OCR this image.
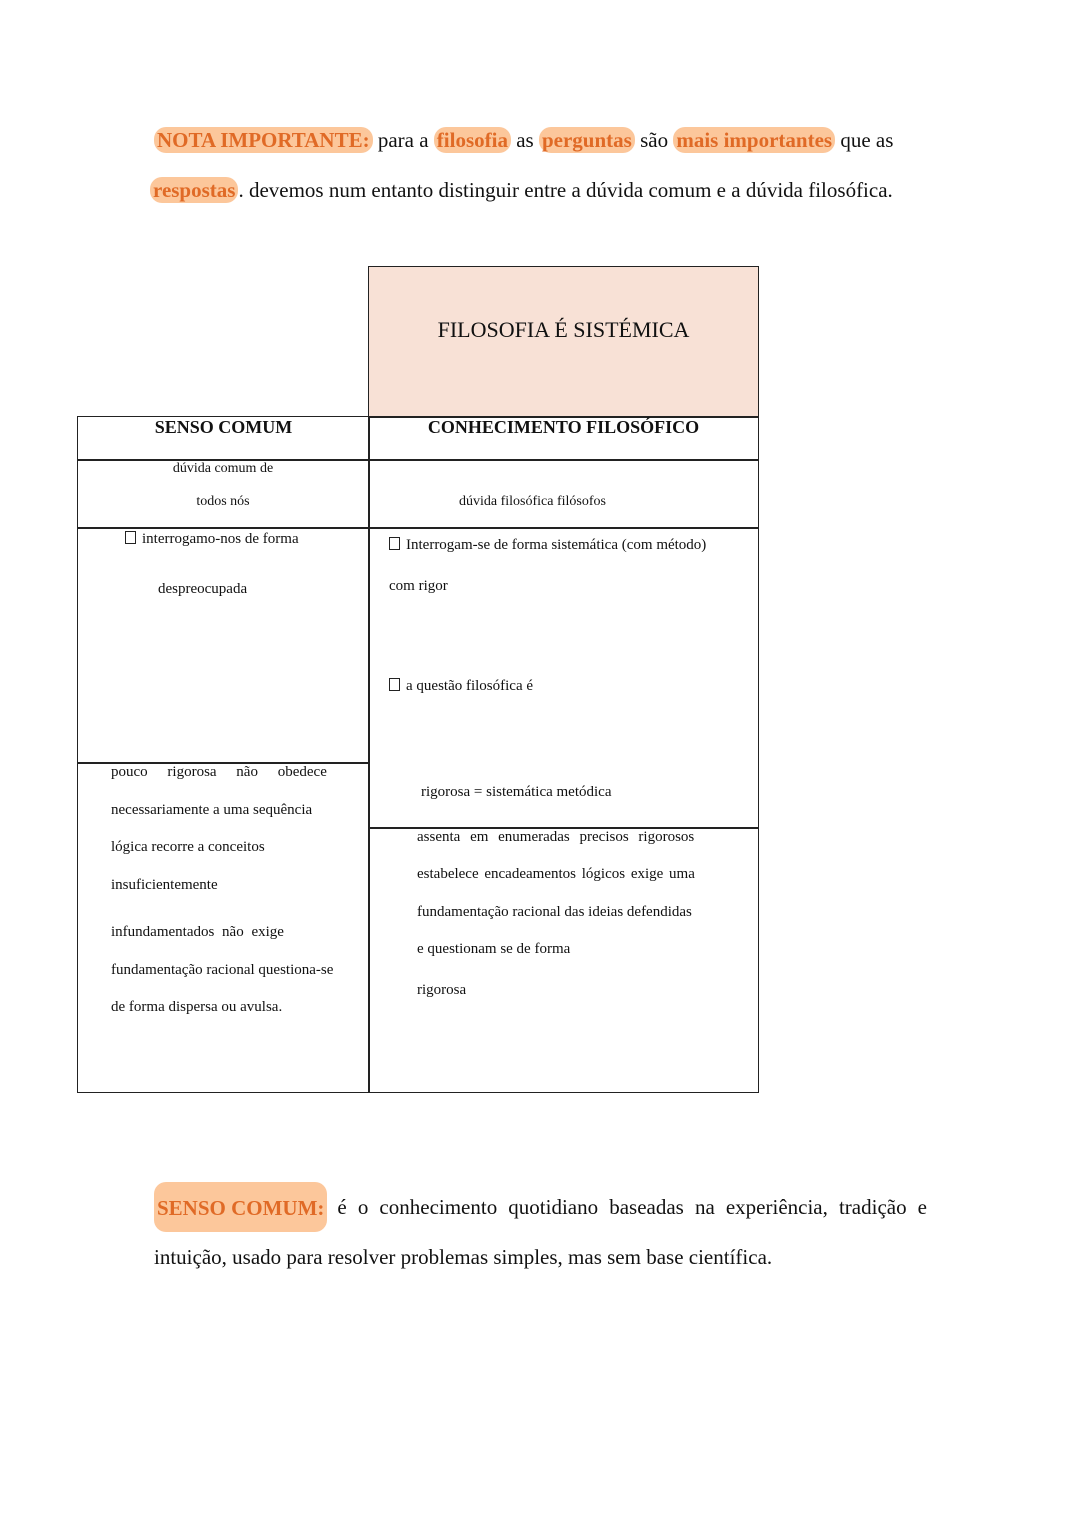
NOTA IMPORTANTE: para a filosofia as perguntas são mais importantes que as
respostas . devemos num entanto distinguir entre a dúvida comum e a dúvida filosófica.
FILOSOFIA É SISTÉMICA
SENSO COMUM	CONHECIMENTO FILOSÓFICO
dúvida comum de
todos nós	dúvida filosófica filósofos
interrogamo-nos de forma
despreocupada
pouco rigorosa não obedece
necessariamente a uma sequência
lógica recorre a conceitos
insuficientemente
infundamentados não exige
fundamentação racional questiona-se
de forma dispersa ou avulsa.
Interrogam-se de forma sistemática (com método)
com rigor
a questão filosófica é
rigorosa = sistemática metódica
assenta em enumeradas precisos rigorosos
estabelece encadeamentos lógicos exige uma
fundamentação racional das ideias defendidas
e questionam se de forma
rigorosa
SENSO COMUM: é o conhecimento quotidiano baseadas na experiência, tradição e
intuição, usado para resolver problemas simples, mas sem base científica.
